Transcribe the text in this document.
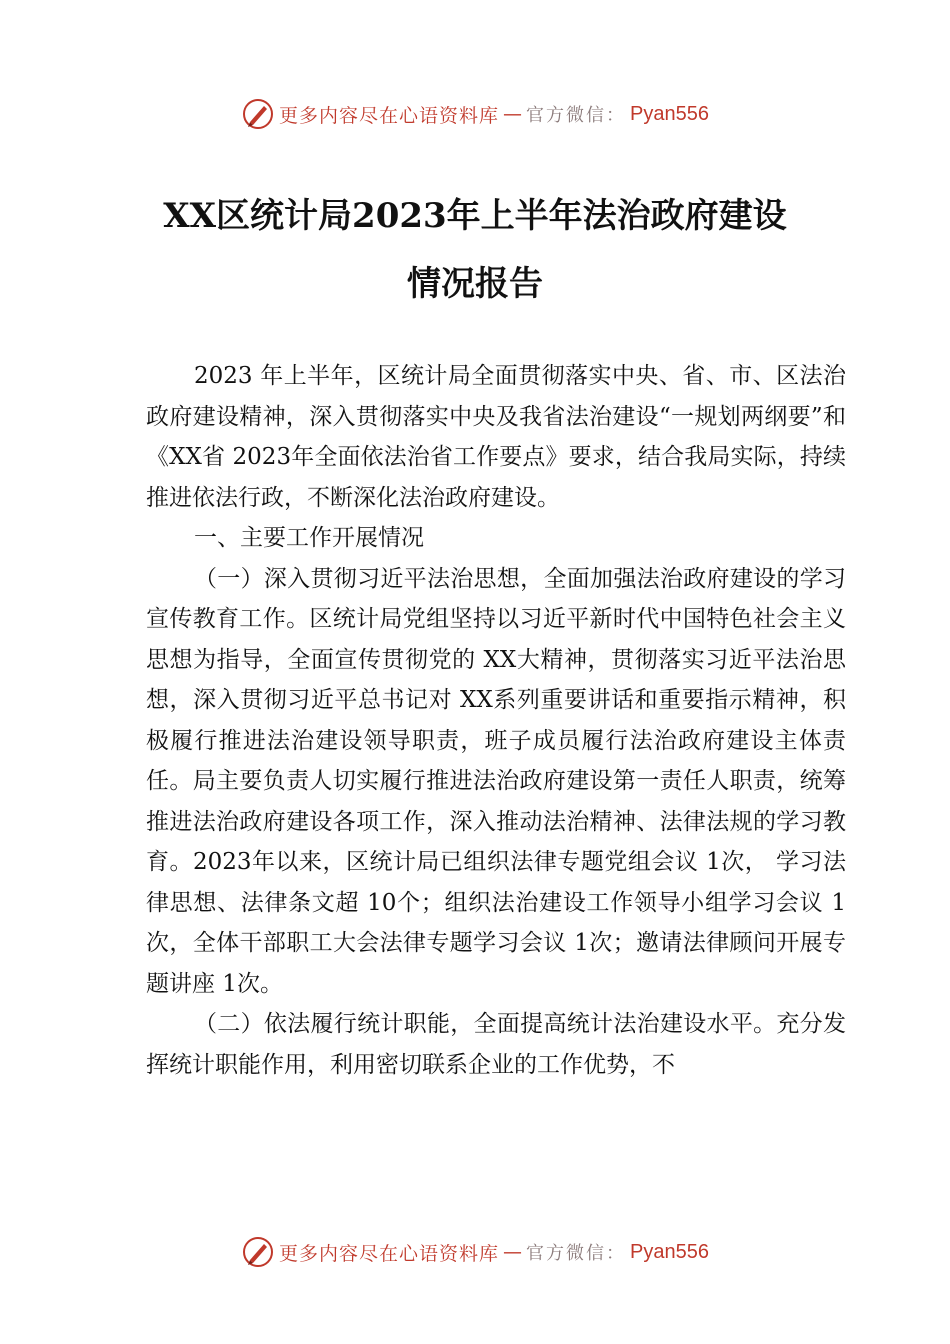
更多内容尽在心语资料库 — 官方微信： Pyan556
XX区统计局2023年上半年法治政府建设
情况报告

2023 年上半年，区统计局全面贯彻落实中央、省、市、区法治政府建设精神，深入贯彻落实中央及我省法治建设“一规划两纲要”和《XX省 2023年全面依法治省工作要点》要求，结合我局实际，持续推进依法行政，不断深化法治政府建设。

一、主要工作开展情况

（一）深入贯彻习近平法治思想，全面加强法治政府建设的学习宣传教育工作。区统计局党组坚持以习近平新时代中国特色社会主义思想为指导，全面宣传贯彻党的 XX大精神，贯彻落实习近平法治思想，深入贯彻习近平总书记对 XX系列重要讲话和重要指示精神，积极履行推进法治建设领导职责，班子成员履行法治政府建设主体责任。局主要负责人切实履行推进法治政府建设第一责任人职责，统筹推进法治政府建设各项工作，深入推动法治精神、法律法规的学习教育。2023年以来，区统计局已组织法律专题党组会议 1次， 学习法律思想、法律条文超 10个；组织法治建设工作领导小组学习会议 1次，全体干部职工大会法律专题学习会议 1次；邀请法律顾问开展专题讲座 1次。

（二）依法履行统计职能，全面提高统计法治建设水平。充分发挥统计职能作用，利用密切联系企业的工作优势，不

更多内容尽在心语资料库 — 官方微信： Pyan556
